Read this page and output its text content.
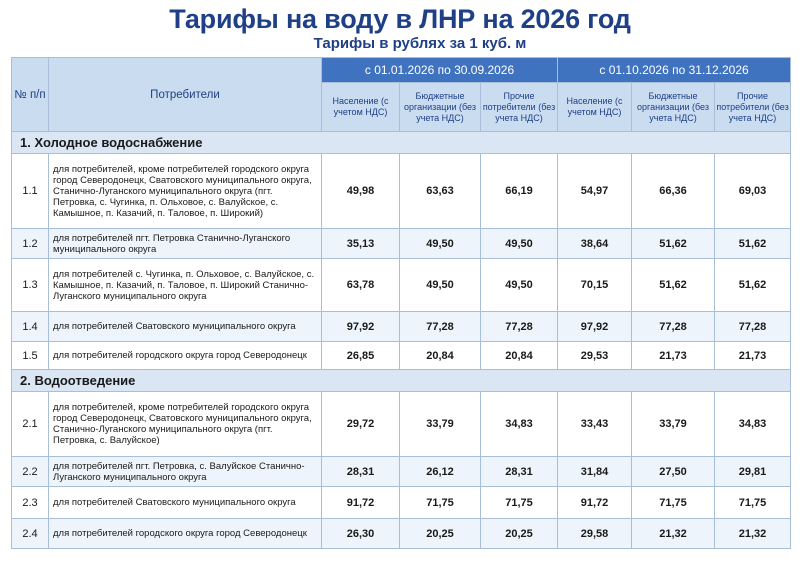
Тарифы на воду в ЛНР на 2026 год
Тарифы в рублях за 1 куб. м
№ п/п	Потребители	с 01.01.2026 по 30.09.2026			с 01.10.2026 по 31.12.2026		
		Население (с учетом НДС)	Бюджетные организации (без учета НДС)	Прочие потребители (без учета НДС)	Население (с учетом НДС)	Бюджетные организации (без учета НДС)	Прочие потребители (без учета НДС)
1. Холодное водоснабжение							
1.1	для потребителей, кроме потребителей городского округа город Северодонецк, Сватовского муниципального округа, Станично-Луганского муниципального округа (пгт. Петровка, с. Чугинка, п. Ольховое, с. Валуйское, с. Камышное, п. Казачий, п. Таловое, п. Широкий)	49,98	63,63	66,19	54,97	66,36	69,03
1.2	для потребителей пгт. Петровка Станично-Луганского муниципального округа	35,13	49,50	49,50	38,64	51,62	51,62
1.3	для потребителей с. Чугинка, п. Ольховое, с. Валуйское, с. Камышное, п. Казачий, п. Таловое, п. Широкий Станично-Луганского муниципального округа	63,78	49,50	49,50	70,15	51,62	51,62
1.4	для потребителей Сватовского муниципального округа	97,92	77,28	77,28	97,92	77,28	77,28
1.5	для потребителей городского округа город Северодонецк	26,85	20,84	20,84	29,53	21,73	21,73
2. Водоотведение							
2.1	для потребителей, кроме потребителей городского округа город Северодонецк, Сватовского муниципального округа, Станично-Луганского муниципального округа (пгт. Петровка, с. Валуйское)	29,72	33,79	34,83	33,43	33,79	34,83
2.2	для потребителей пгт. Петровка, с. Валуйское Станично-Луганского муниципального округа	28,31	26,12	28,31	31,84	27,50	29,81
2.3	для потребителей Сватовского муниципального округа	91,72	71,75	71,75	91,72	71,75	71,75
2.4	для потребителей городского округа город Северодонецк	26,30	20,25	20,25	29,58	21,32	21,32
